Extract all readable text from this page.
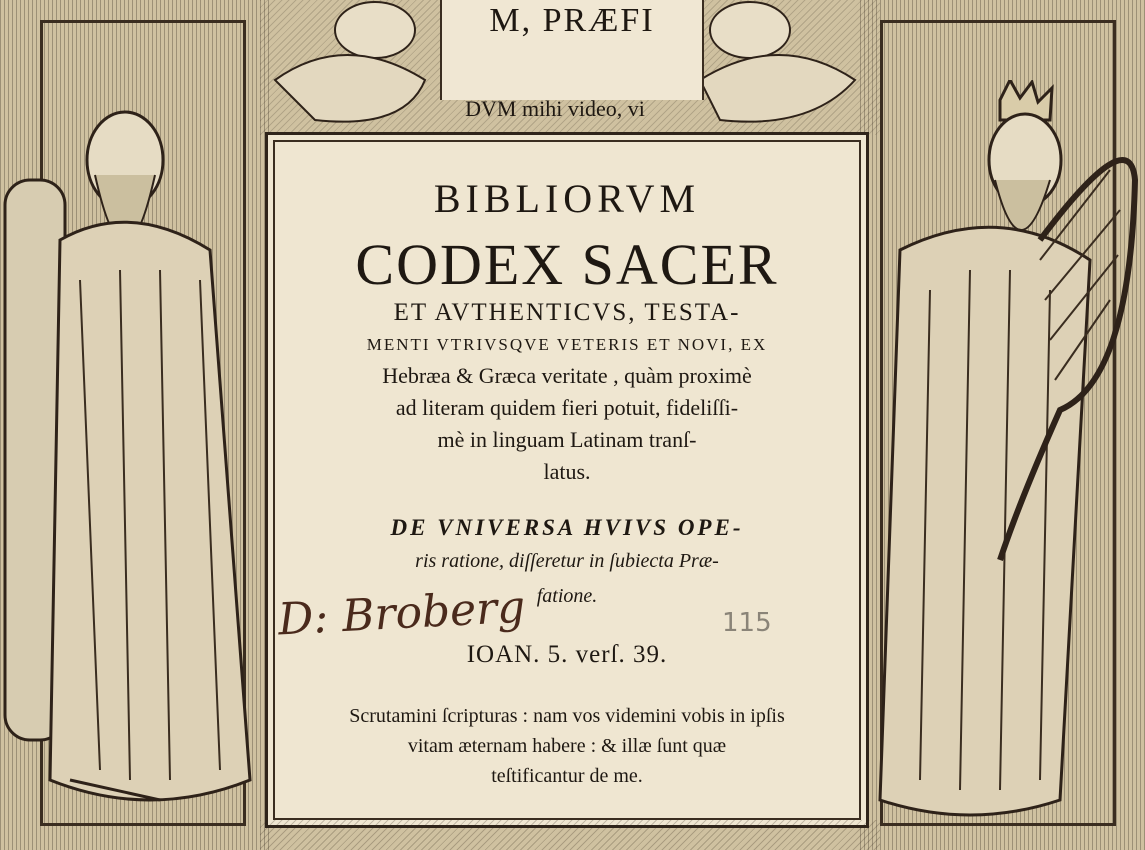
M, PRÆFI
DVM mihi video, vi
BIBLIORVM
CODEX SACER
ET AVTHENTICVS, TESTA-
MENTI VTRIVSQVE VETERIS ET NOVI, EX
Hebræa & Græca veritate , quàm proximè
ad literam quidem fieri potuit, fideliſſi-
mè in linguam Latinam tranſ-
latus.
DE VNIVERSA HVIVS OPE-
ris ratione, diſſeretur in ſubiecta Præ-
fatione.
IOAN. 5. verſ. 39.
Scrutamini ſcripturas : nam vos videmini vobis in ipſis
vitam æternam habere : & illæ ſunt quæ
teſtificantur de me.
D: Broberg	115
